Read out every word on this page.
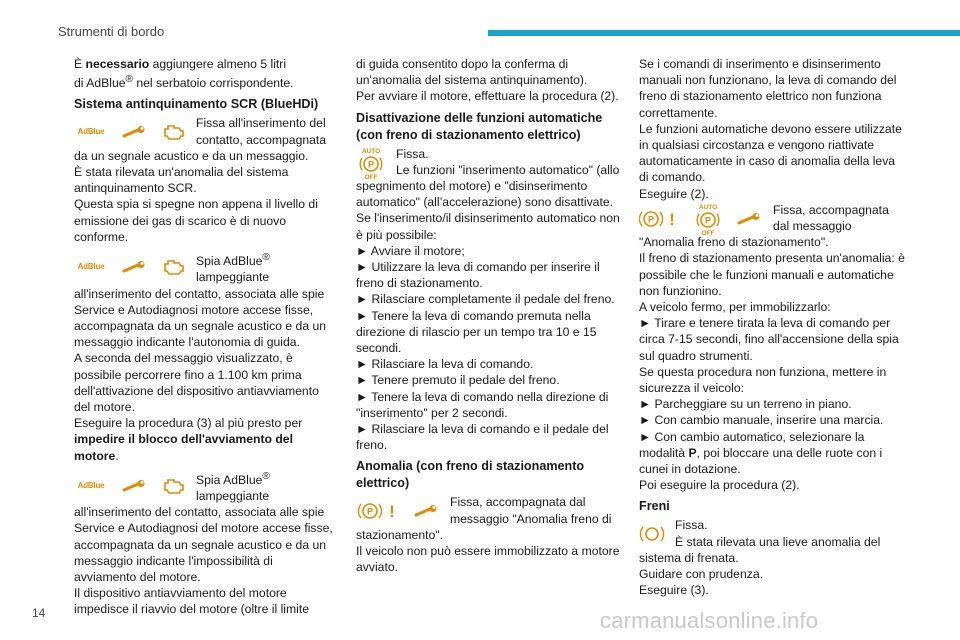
Strumenti di bordo
È necessario aggiungere almeno 5 litri
di AdBlue® nel serbatoio corrispondente.
Sistema antinquinamento SCR (BlueHDi)
AdBlue
Fissa all'inserimento del contatto, accompagnata da un segnale acustico e da un messaggio.
È stata rilevata un'anomalia del sistema antinquinamento SCR.
Questa spia si spegne non appena il livello di emissione dei gas di scarico è di nuovo conforme.
AdBlue	Spia AdBlue® lampeggiante all'inserimento del contatto, associata alle spie Service e Autodiagnosi motore accese fisse, accompagnata da un segnale acustico e da un messaggio indicante l'autonomia di guida.
A seconda del messaggio visualizzato, è possibile percorrere fino a 1.100 km prima dell'attivazione del dispositivo antiavviamento del motore.
Eseguire la procedura (3) al più presto per impedire il blocco dell'avviamento del motore.
AdBlue	Spia AdBlue® lampeggiante all'inserimento del contatto, associata alle spie Service e Autodiagnosi del motore accese fisse, accompagnata da un segnale acustico e da un messaggio indicante l'impossibilità di avviamento del motore.
Il dispositivo antiavviamento del motore impedisce il riavvio del motore (oltre il limite
di guida consentito dopo la conferma di un'anomalia del sistema antinquinamento).
Per avviare il motore, effettuare la procedura (2).
Disattivazione delle funzioni automatiche (con freno di stazionamento elettrico)
AUTO
P
OFF
Fissa.
Le funzioni "inserimento automatico" (allo spegnimento del motore) e "disinserimento automatico" (all’accelerazione) sono disattivate.
Se l'inserimento/il disinserimento automatico non è più possibile:
► Avviare il motore;
► Utilizzare la leva di comando per inserire il freno di stazionamento.
► Rilasciare completamente il pedale del freno.
► Tenere la leva di comando premuta nella direzione di rilascio per un tempo tra 10 e 15 secondi.
► Rilasciare la leva di comando.
► Tenere premuto il pedale del freno.
► Tenere la leva di comando nella direzione di "inserimento" per 2 secondi.
► Rilasciare la leva di comando e il pedale del freno.
Anomalia (con freno di stazionamento elettrico)
P !	Fissa, accompagnata dal messaggio "Anomalia freno di stazionamento".
Il veicolo non può essere immobilizzato a motore avviato.
Se i comandi di inserimento e disinserimento manuali non funzionano, la leva di comando del freno di stazionamento elettrico non funziona correttamente.
Le funzioni automatiche devono essere utilizzate in qualsiasi circostanza e vengono riattivate automaticamente in caso di anomalia della leva di comando.
Eseguire (2).
P !
AUTO
P
OFF
Fissa, accompagnata dal messaggio "Anomalia freno di stazionamento".
Il freno di stazionamento presenta un'anomalia: è possibile che le funzioni manuali e automatiche non funzionino.
A veicolo fermo, per immobilizzarlo:
► Tirare e tenere tirata la leva di comando per circa 7-15 secondi, fino all'accensione della spia sul quadro strumenti.
Se questa procedura non funziona, mettere in sicurezza il veicolo:
► Parcheggiare su un terreno in piano.
► Con cambio manuale, inserire una marcia.
► Con cambio automatico, selezionare la modalità P, poi bloccare una delle ruote con i cunei in dotazione.
Poi eseguire la procedura (2).
Freni
Fissa.
È stata rilevata una lieve anomalia del sistema di frenata.
Guidare con prudenza.
Eseguire (3).
14	carmanualsonline.info
